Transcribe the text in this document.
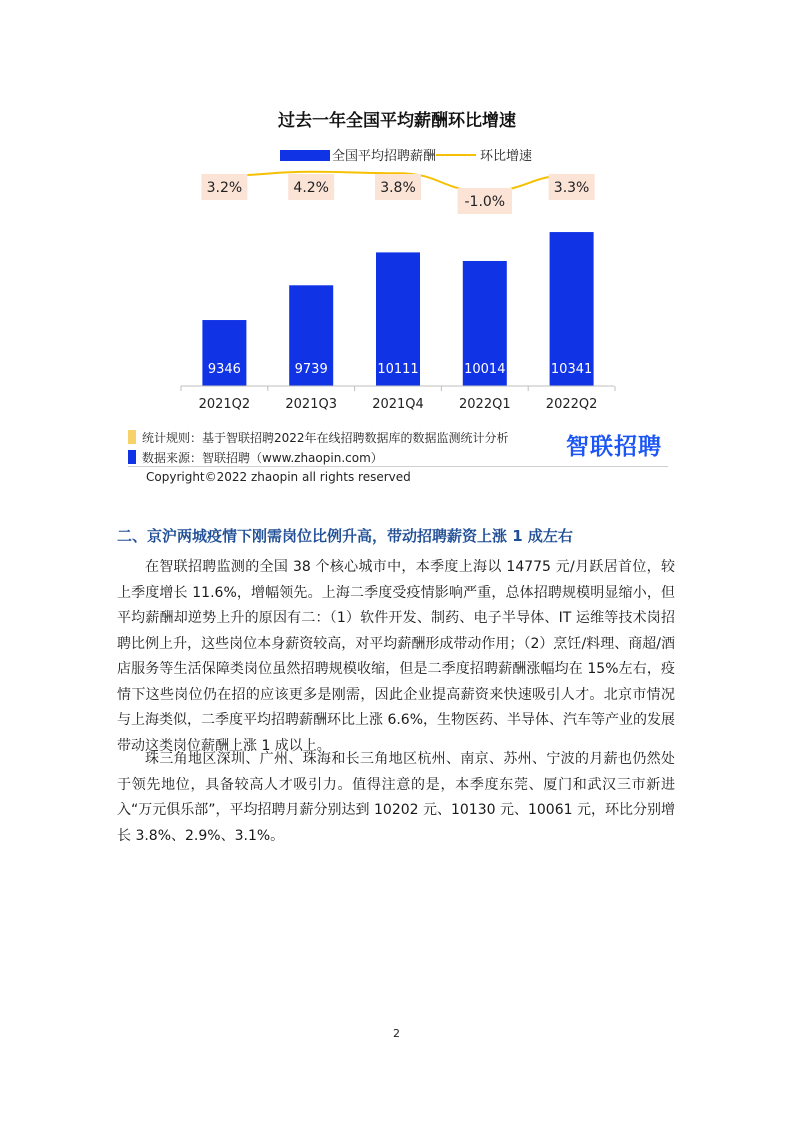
过去一年全国平均薪酬环比增速
全国平均招聘薪酬	环比增速
3.2%	4.2%	3.8%
-1.0%
3.3%
9346	9739	10111	10014	10341
2021Q2	2021Q3	2021Q4	2022Q1	2022Q2
统计规则：基于智联招聘2022年在线招聘数据库的数据监测统计分析
数据来源：智联招聘（www.zhaopin.com）	智联招聘
Copyright©2022 zhaopin all rights reserved
二、京沪两城疫情下刚需岗位比例升高，带动招聘薪资上涨 1 成左右

在智联招聘监测的全国 38 个核心城市中，本季度上海以 14775 元/月跃居首位，较上季度增长 11.6%，增幅领先。上海二季度受疫情影响严重，总体招聘规模明显缩小，但平均薪酬却逆势上升的原因有二：（1）软件开发、制药、电子半导体、IT 运维等技术岗招聘比例上升，这些岗位本身薪资较高，对平均薪酬形成带动作用；（2）烹饪/料理、商超/酒店服务等生活保障类岗位虽然招聘规模收缩，但是二季度招聘薪酬涨幅均在 15%左右，疫情下这些岗位仍在招的应该更多是刚需，因此企业提高薪资来快速吸引人才。北京市情况与上海类似，二季度平均招聘薪酬环比上涨 6.6%，生物医药、半导体、汽车等产业的发展带动这类岗位薪酬上涨 1 成以上。

珠三角地区深圳、广州、珠海和长三角地区杭州、南京、苏州、宁波的月薪也仍然处于领先地位，具备较高人才吸引力。值得注意的是，本季度东莞、厦门和武汉三市新进入“万元俱乐部”，平均招聘月薪分别达到 10202 元、10130 元、10061 元，环比分别增长 3.8%、2.9%、3.1%。

2
